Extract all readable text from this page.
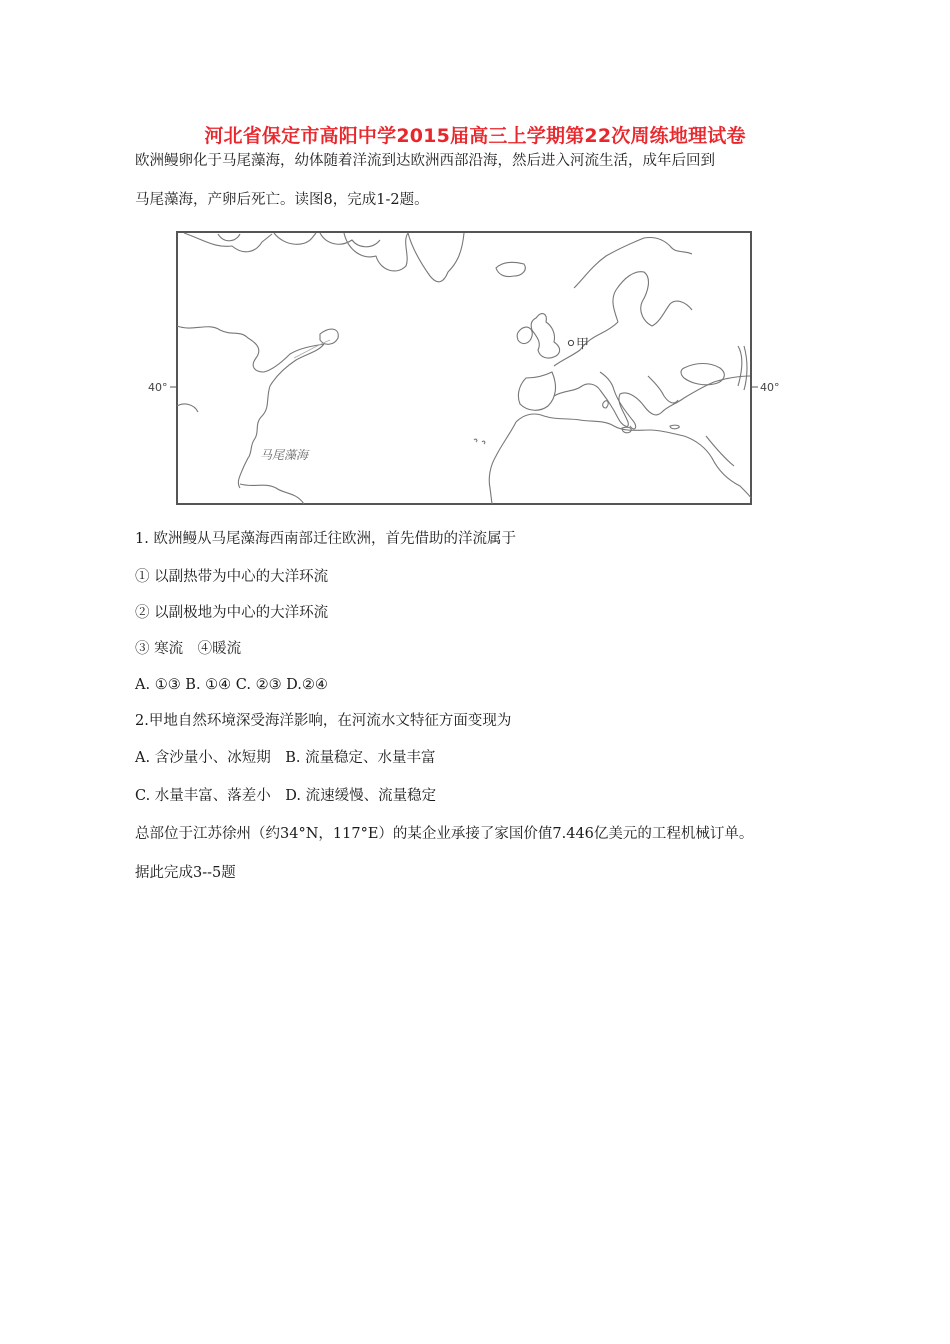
河北省保定市高阳中学2015届高三上学期第22次周练地理试卷
欧洲鳗卵化于马尾藻海，幼体随着洋流到达欧洲西部沿海，然后进入河流生活，成年后回到
马尾藻海，产卵后死亡。读图8，完成1-2题。
甲
40°	40°
马尾藻海
1. 欧洲鳗从马尾藻海西南部迁往欧洲，首先借助的洋流属于
① 以副热带为中心的大洋环流
② 以副极地为中心的大洋环流
③ 寒流　④暖流
A. ①③ B. ①④ C. ②③ D.②④
2.甲地自然环境深受海洋影响，在河流水文特征方面变现为
A. 含沙量小、冰短期　B. 流量稳定、水量丰富
C. 水量丰富、落差小　D. 流速缓慢、流量稳定
总部位于江苏徐州（约34°N，117°E）的某企业承接了家国价值7.446亿美元的工程机械订单。
据此完成3--5题
